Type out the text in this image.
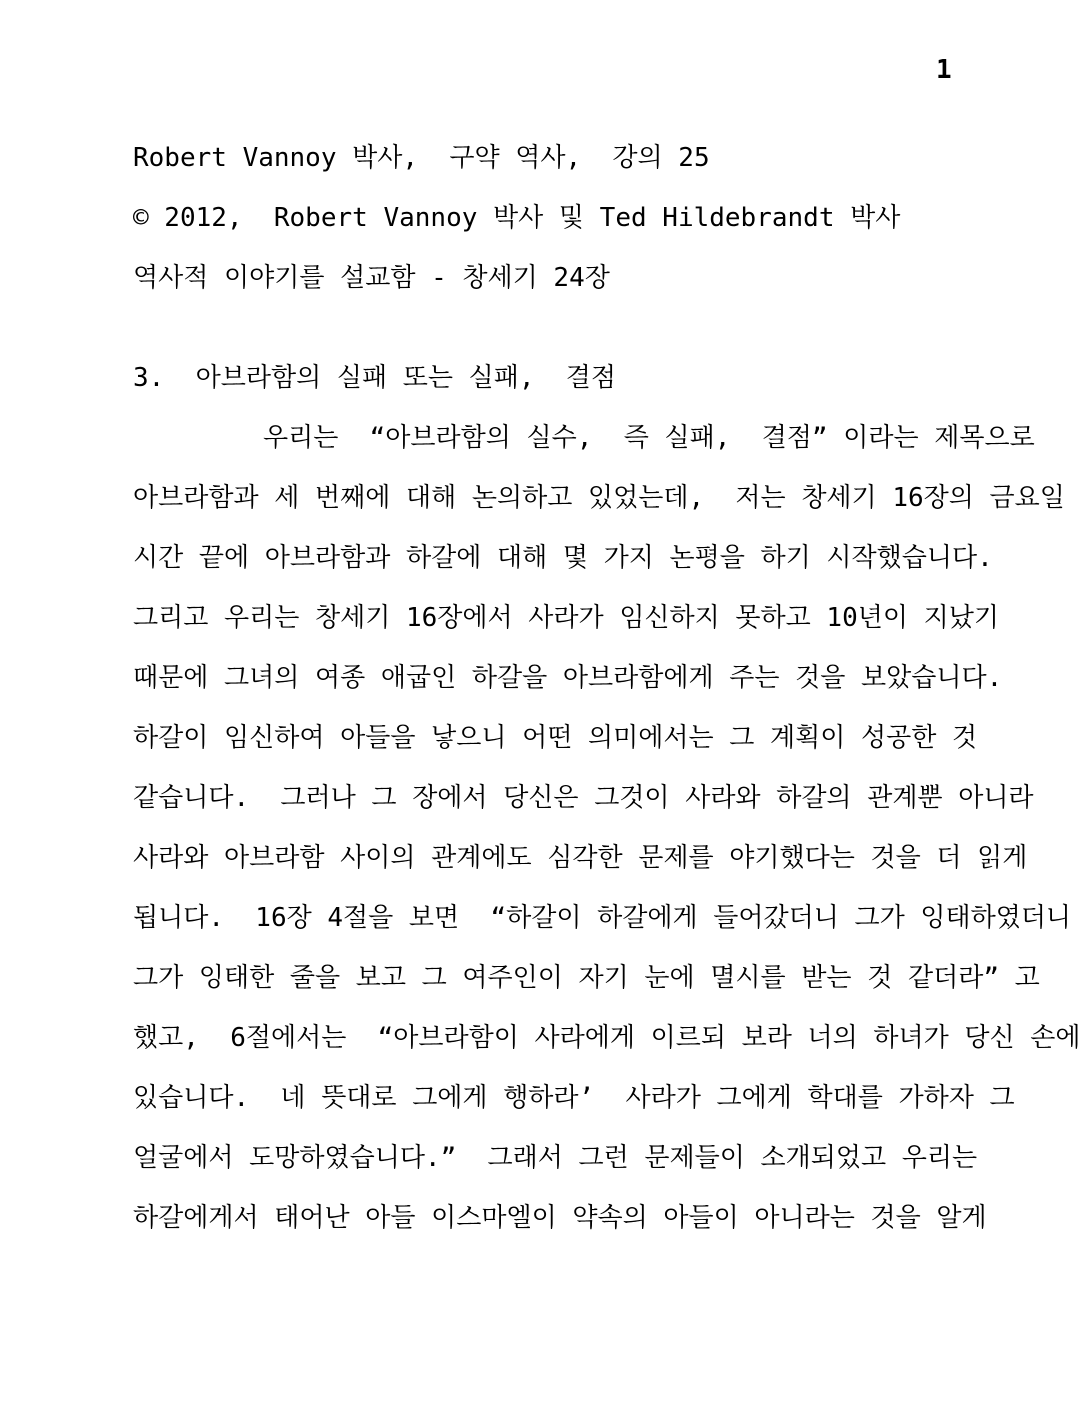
1
Robert Vannoy 박사,  구약 역사,  강의 25
© 2012,  Robert Vannoy 박사 및 Ted Hildebrandt 박사
역사적 이야기를 설교함 - 창세기 24장
3.  아브라함의 실패 또는 실패,  결점
우리는  “아브라함의 실수,  즉 실패,  결점” 이라는 제목으로
아브라함과 세 번째에 대해 논의하고 있었는데,  저는 창세기 16장의 금요일
시간 끝에 아브라함과 하갈에 대해 몇 가지 논평을 하기 시작했습니다.
그리고 우리는 창세기 16장에서 사라가 임신하지 못하고 10년이 지났기
때문에 그녀의 여종 애굽인 하갈을 아브라함에게 주는 것을 보았습니다.
하갈이 임신하여 아들을 낳으니 어떤 의미에서는 그 계획이 성공한 것
같습니다.  그러나 그 장에서 당신은 그것이 사라와 하갈의 관계뿐 아니라
사라와 아브라함 사이의 관계에도 심각한 문제를 야기했다는 것을 더 읽게
됩니다.  16장 4절을 보면  “하갈이 하갈에게 들어갔더니 그가 잉태하였더니
그가 잉태한 줄을 보고 그 여주인이 자기 눈에 멸시를 받는 것 같더라” 고
했고,  6절에서는  “아브라함이 사라에게 이르되 보라 너의 하녀가 당신 손에
있습니다.  네 뜻대로 그에게 행하라’  사라가 그에게 학대를 가하자 그
얼굴에서 도망하였습니다.”  그래서 그런 문제들이 소개되었고 우리는
하갈에게서 태어난 아들 이스마엘이 약속의 아들이 아니라는 것을 알게
